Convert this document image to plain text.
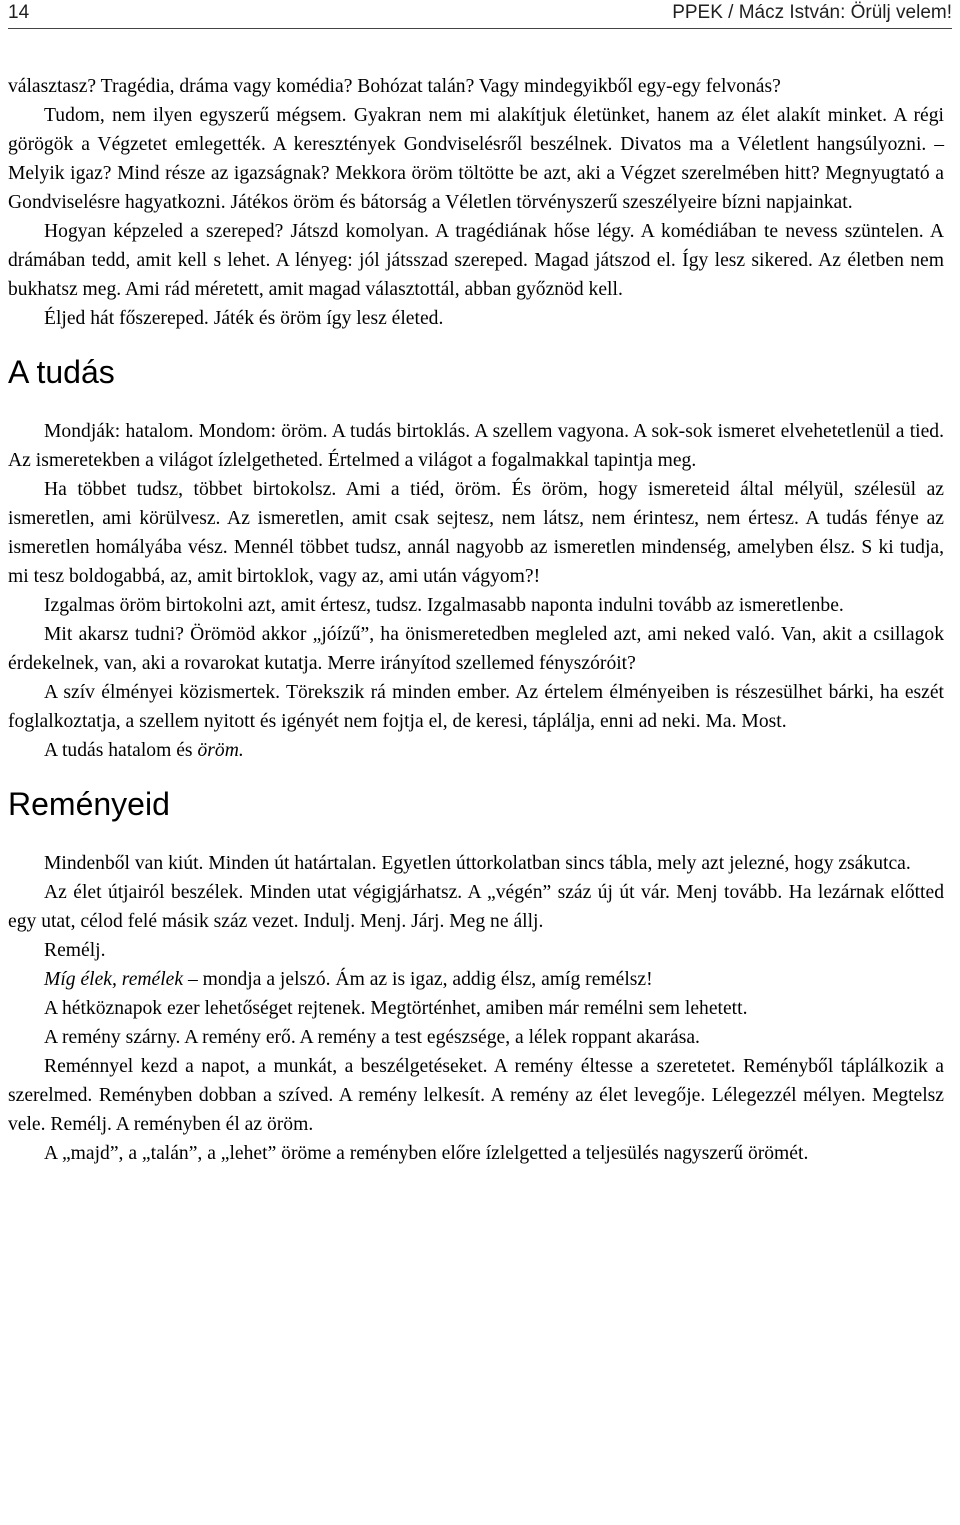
14	PPEK / Mácz István: Örülj velem!

választasz? Tragédia, dráma vagy komédia? Bohózat talán? Vagy mindegyikből egy-egy felvonás?

Tudom, nem ilyen egyszerű mégsem. Gyakran nem mi alakítjuk életünket, hanem az élet alakít minket. A régi görögök a Végzetet emlegették. A keresztények Gondviselésről beszélnek. Divatos ma a Véletlent hangsúlyozni. – Melyik igaz? Mind része az igazságnak? Mekkora öröm töltötte be azt, aki a Végzet szerelmében hitt? Megnyugtató a Gondviselésre hagyatkozni. Játékos öröm és bátorság a Véletlen törvényszerű szeszélyeire bízni napjainkat.

Hogyan képzeled a szereped? Játszd komolyan. A tragédiának hőse légy. A komédiában te nevess szüntelen. A drámában tedd, amit kell s lehet. A lényeg: jól játsszad szereped. Magad játszod el. Így lesz sikered. Az életben nem bukhatsz meg. Ami rád méretett, amit magad választottál, abban győznöd kell.

Éljed hát főszereped. Játék és öröm így lesz életed.

A tudás

Mondják: hatalom. Mondom: öröm. A tudás birtoklás. A szellem vagyona. A sok-sok ismeret elvehetetlenül a tied. Az ismeretekben a világot ízlelgetheted. Értelmed a világot a fogalmakkal tapintja meg.

Ha többet tudsz, többet birtokolsz. Ami a tiéd, öröm. És öröm, hogy ismereteid által mélyül, szélesül az ismeretlen, ami körülvesz. Az ismeretlen, amit csak sejtesz, nem látsz, nem érintesz, nem értesz. A tudás fénye az ismeretlen homályába vész. Mennél többet tudsz, annál nagyobb az ismeretlen mindenség, amelyben élsz. S ki tudja, mi tesz boldogabbá, az, amit birtoklok, vagy az, ami után vágyom?!

Izgalmas öröm birtokolni azt, amit értesz, tudsz. Izgalmasabb naponta indulni tovább az ismeretlenbe.

Mit akarsz tudni? Örömöd akkor „jóízű”, ha önismeretedben megleled azt, ami neked való. Van, akit a csillagok érdekelnek, van, aki a rovarokat kutatja. Merre irányítod szellemed fényszóróit?

A szív élményei közismertek. Törekszik rá minden ember. Az értelem élményeiben is részesülhet bárki, ha eszét foglalkoztatja, a szellem nyitott és igényét nem fojtja el, de keresi, táplálja, enni ad neki. Ma. Most.

A tudás hatalom és öröm.

Reményeid

Mindenből van kiút. Minden út határtalan. Egyetlen úttorkolatban sincs tábla, mely azt jelezné, hogy zsákutca.

Az élet útjairól beszélek. Minden utat végigjárhatsz. A „végén” száz új út vár. Menj tovább. Ha lezárnak előtted egy utat, célod felé másik száz vezet. Indulj. Menj. Járj. Meg ne állj.

Remélj.

Míg élek, remélek – mondja a jelszó. Ám az is igaz, addig élsz, amíg remélsz!

A hétköznapok ezer lehetőséget rejtenek. Megtörténhet, amiben már remélni sem lehetett.

A remény szárny. A remény erő. A remény a test egészsége, a lélek roppant akarása.

Reménnyel kezd a napot, a munkát, a beszélgetéseket. A remény éltesse a szeretetet. Reményből táplálkozik a szerelmed. Reményben dobban a szíved. A remény lelkesít. A remény az élet levegője. Lélegezzél mélyen. Megtelsz vele. Remélj. A reményben él az öröm.

A „majd”, a „talán”, a „lehet” öröme a reményben előre ízlelgetted a teljesülés nagyszerű örömét.
